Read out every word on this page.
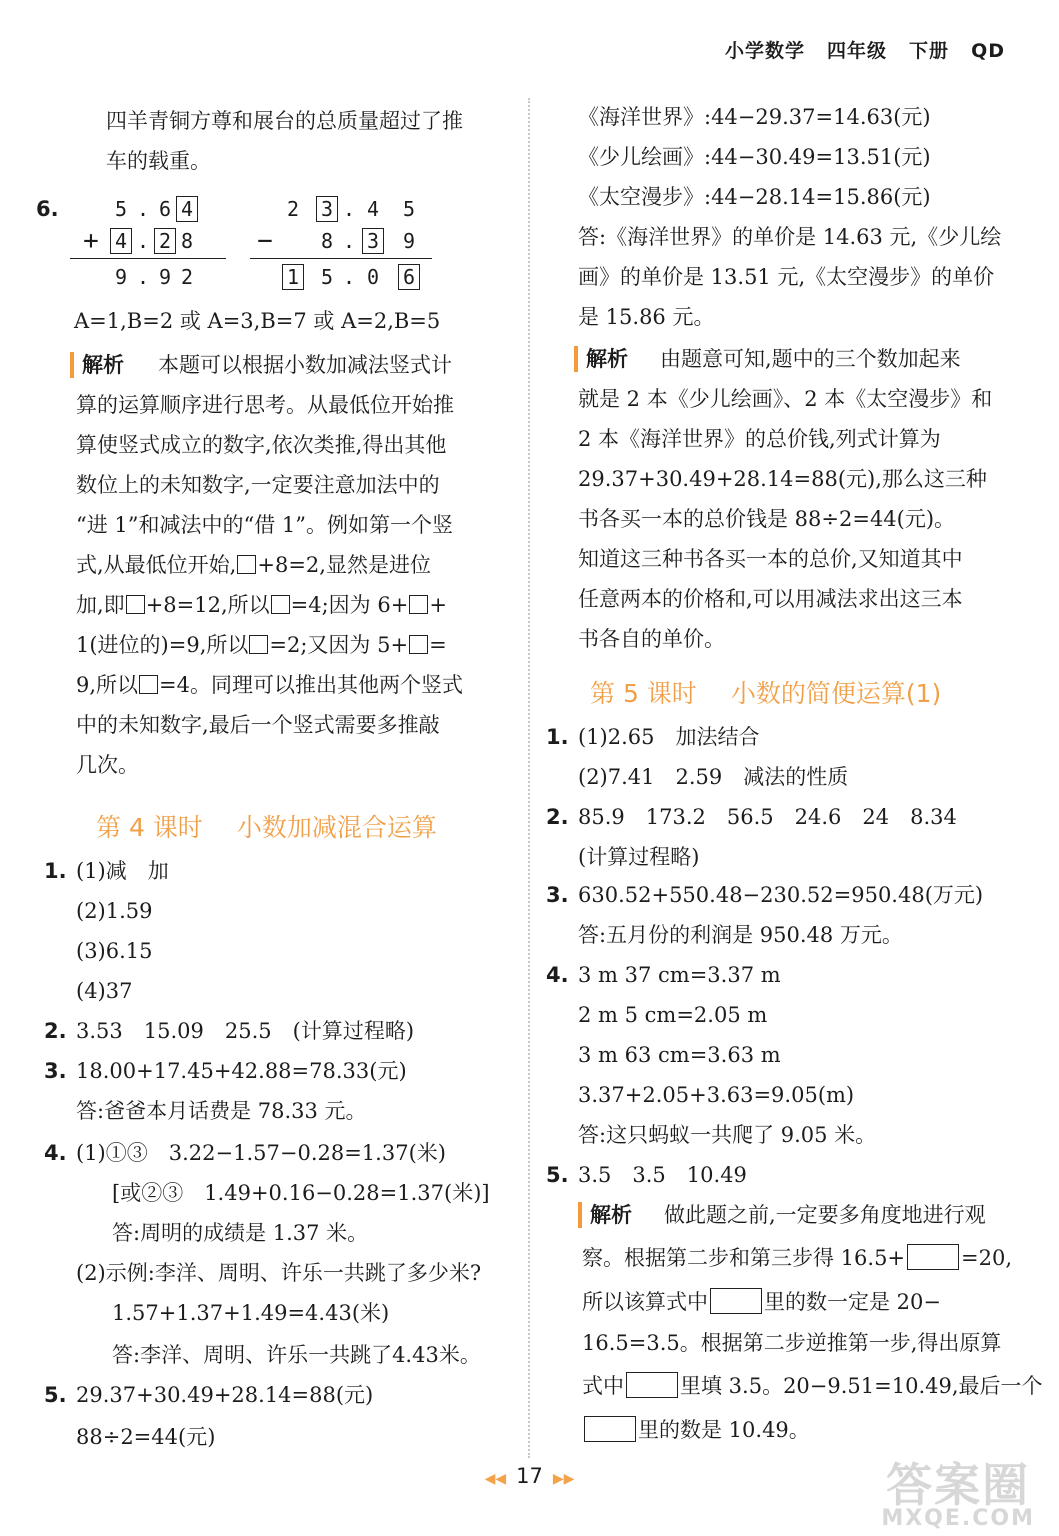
小学数学 四年级 下册 QD
四羊青铜方尊和展台的总质量超过了推
车的载重。
6.	5 . 6 4
+ 4 . 2 8
9 . 9 2
2 3 . 4 5
− 8 . 3 9
1 5 . 0 6
A=1,B=2 或 A=3,B=7 或 A=2,B=5
解析 本题可以根据小数加减法竖式计
算的运算顺序进行思考。从最低位开始推
算使竖式成立的数字,依次类推,得出其他
数位上的未知数字,一定要注意加法中的
“进 1”和减法中的“借 1”。例如第一个竖
式,从最低位开始, +8=2,显然是进位
加,即 +8=12,所以 =4;因为 6+ +
1(进位的)=9,所以 =2;又因为 5+ =
9,所以 =4。同理可以推出其他两个竖式
中的未知数字,最后一个竖式需要多推敲
几次。
第 4 课时 小数加减混合运算
1. (1)减　加
(2)1.59
(3)6.15
(4)37
2. 3.53　15.09　25.5　(计算过程略)
3. 18.00+17.45+42.88=78.33(元)
答:爸爸本月话费是 78.33 元。
4. (1)①③　3.22−1.57−0.28=1.37(米)
[或②③　1.49+0.16−0.28=1.37(米)]
答:周明的成绩是 1.37 米。
(2)示例:李洋、周明、许乐一共跳了多少米?
1.57+1.37+1.49=4.43(米)
答:李洋、周明、许乐一共跳了4.43米。
5. 29.37+30.49+28.14=88(元)
88÷2=44(元)
《海洋世界》:44−29.37=14.63(元)
《少儿绘画》:44−30.49=13.51(元)
《太空漫步》:44−28.14=15.86(元)
答:《海洋世界》的单价是 14.63 元,《少儿绘
画》的单价是 13.51 元,《太空漫步》的单价
是 15.86 元。
解析 由题意可知,题中的三个数加起来
就是 2 本《少儿绘画》、2 本《太空漫步》和
2 本《海洋世界》的总价钱,列式计算为
29.37+30.49+28.14=88(元),那么这三种
书各买一本的总价钱是 88÷2=44(元)。
知道这三种书各买一本的总价,又知道其中
任意两本的价格和,可以用减法求出这三本
书各自的单价。
第 5 课时 小数的简便运算(1)
1. (1)2.65　加法结合
(2)7.41　2.59　减法的性质
2. 85.9　173.2　56.5　24.6　24　8.34
(计算过程略)
3. 630.52+550.48−230.52=950.48(万元)
答:五月份的利润是 950.48 万元。
4. 3 m 37 cm=3.37 m
2 m 5 cm=2.05 m
3 m 63 cm=3.63 m
3.37+2.05+3.63=9.05(m)
答:这只蚂蚁一共爬了 9.05 米。
5. 3.5　3.5　10.49
解析 做此题之前,一定要多角度地进行观
察。根据第二步和第三步得 16.5+	=20,
所以该算式中	里的数一定是 20−
16.5=3.5。根据第二步逆推第一步,得出原算
式中	里填 3.5。20−9.51=10.49,最后一个
里的数是 10.49。
◀◀ 17 ▶▶	答案圈
MXQE.COM
